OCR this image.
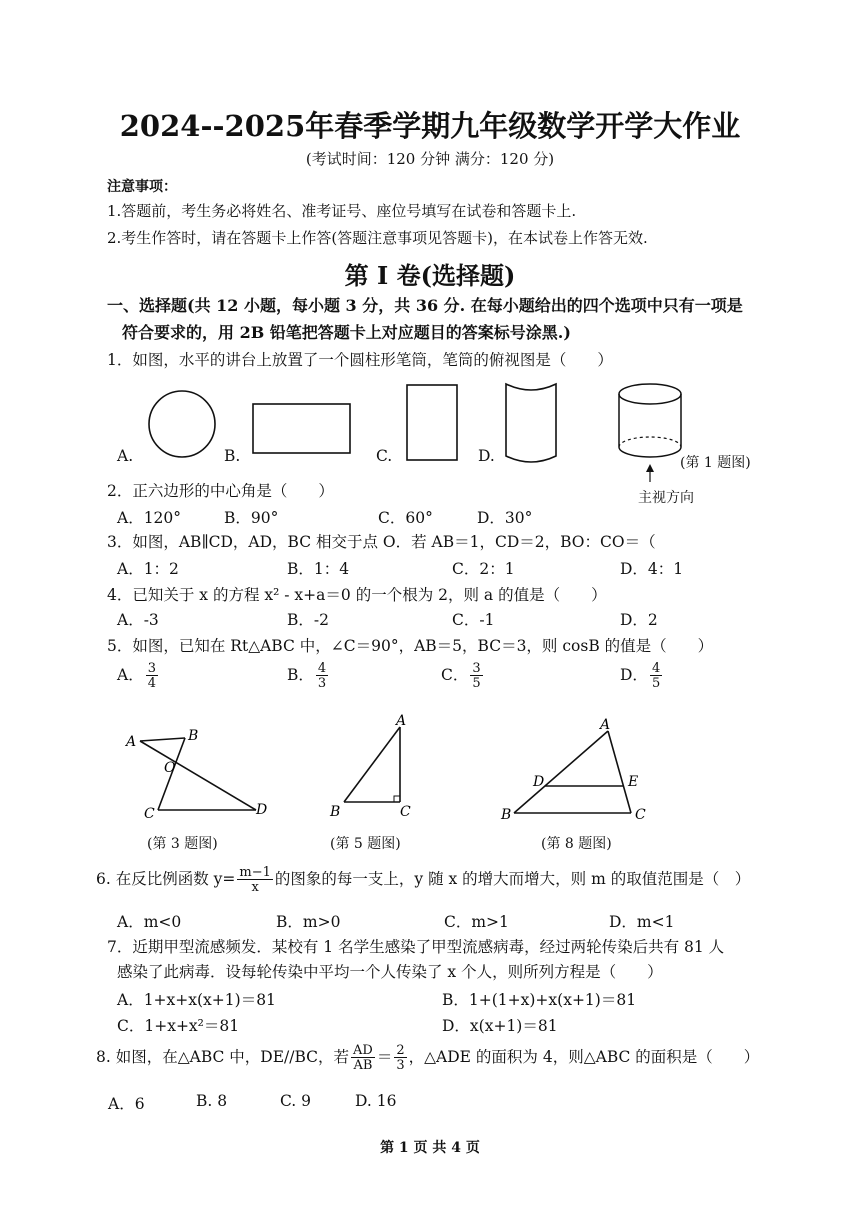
2024--2025年春季学期九年级数学开学大作业
(考试时间：120 分钟 满分：120 分)
注意事项：
1.答题前，考生务必将姓名、准考证号、座位号填写在试卷和答题卡上.
2.考生作答时，请在答题卡上作答(答题注意事项见答题卡)，在本试卷上作答无效.
第 I 卷(选择题)
一、选择题(共 12 小题，每小题 3 分，共 36 分. 在每小题给出的四个选项中只有一项是
符合要求的，用 2B 铅笔把答题卡上对应题目的答案标号涂黑.)
1．如图，水平的讲台上放置了一个圆柱形笔筒，笔筒的俯视图是（　　）
A.	B.	C.	D.	(第 1 题图)
主视方向
2．正六边形的中心角是（　　）
A．120°	B．90°	C．60°	D．30°
3．如图，AB∥CD，AD，BC 相交于点 O．若 AB＝1，CD＝2，BO：CO＝（
A．1：2	B．1：4	C．2：1	D．4：1
4．已知关于 x 的方程 x² - x+a＝0 的一个根为 2，则 a 的值是（　　）
A．-3	B．-2	C．-1	D．2
5．如图，已知在 Rt△ABC 中，∠C＝90°，AB＝5，BC＝3，则 cosB 的值是（　　）
A． $\frac{3}{4}$	B． $\frac{4}{3}$	C． $\frac{3}{5}$	D． $\frac{4}{5}$
A	B
O
C	D
A
B	C
A
D	E
B	C
(第 3 题图)	(第 5 题图)	(第 8 题图)
6. 在反比例函数 $y= \frac{m-1}{x}$ 的图象的每一支上，y 随 x 的增大而增大，则 m 的取值范围是（　）
A．m<0	B．m>0	C．m>1	D．m<1
7．近期甲型流感频发．某校有 1 名学生感染了甲型流感病毒，经过两轮传染后共有 81 人
感染了此病毒．设每轮传染中平均一个人传染了 x 个人，则所列方程是（　　）
A．1+x+x(x+1)＝81	B．1+(1+x)+x(x+1)＝81
C．1+x+x²＝81	D．x(x+1)＝81
8. 如图，在△ABC 中，DE//BC，若 $\frac{AD}{AB} = \frac{2}{3}$ ，△ADE 的面积为 4，则△ABC 的面积是（　　）
A．6	B. 8	C. 9	D. 16
第 1 页 共 4 页
